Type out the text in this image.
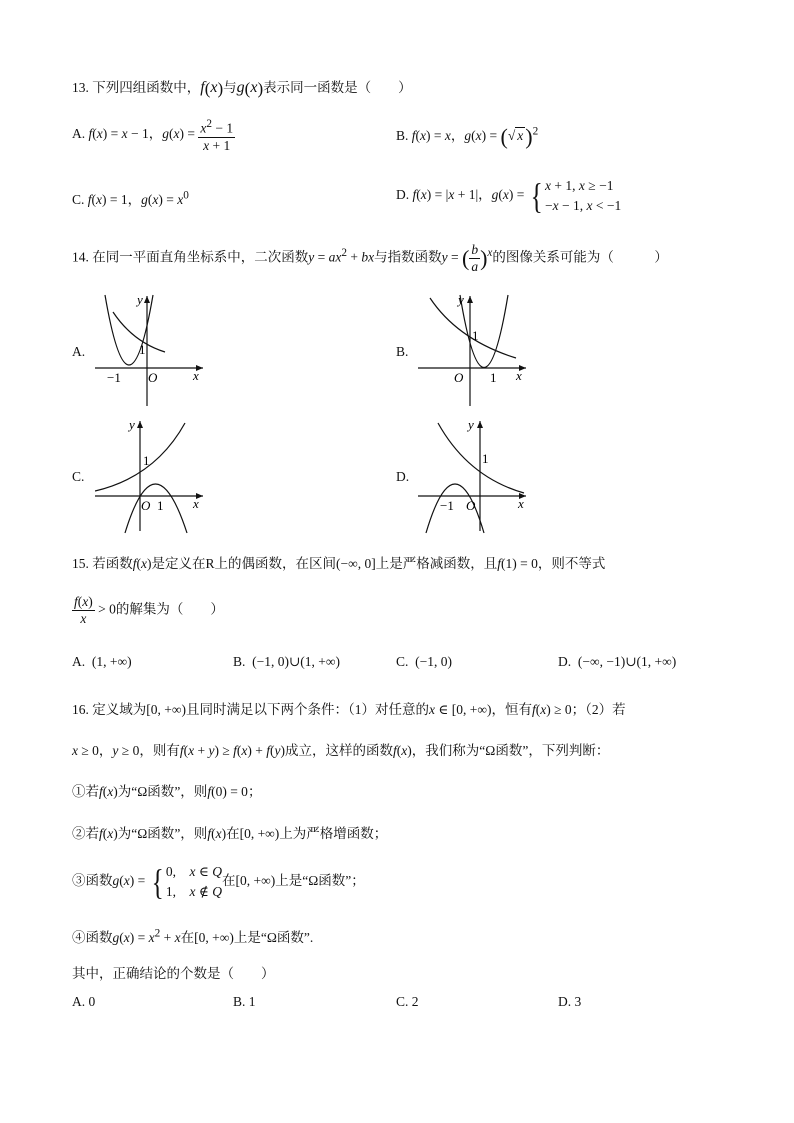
13. 下列四组函数中，f(x)与g(x)表示同一函数是（　　）
A. f(x) = x − 1，$g(x) = \frac{x^2 - 1}{x + 1}$	B. f(x) = x，g(x) = (√ x)$^2$
C. f(x) = 1，$g(x) = x^0$	D. f(x) = |x + 1|，g(x) = { x + 1, x ≥ −1
−x − 1, x < −1
14. 在同一平面直角坐标系中，二次函数$y = ax^2$ + bx与指数函数y = ( $\frac{b}{a} )^x$的图像关系可能为（　　　）
A.
y
1
−1 O	x
B.
y
1
O 1 x
C.
y
1
O 1 x
D.
y
1
−1 O	x
15. 若函数f(x)是定义在R上的偶函数，在区间(−∞, 0]上是严格减函数，且f(1) = 0，则不等式
$\frac{f(x)}{x} > 0$的解集为（　　）
A.  (1, +∞)	B.  (−1, 0)∪(1, +∞)	C.  (−1, 0)	D.  (−∞, −1)∪(1, +∞)
16. 定义域为[0, +∞)且同时满足以下两个条件：（1）对任意的x ∈ [0, +∞)，恒有f(x) ≥ 0；（2）若
x ≥ 0，y ≥ 0，则有f(x + y) ≥ f(x) + f(y)成立，这样的函数f(x)，我们称为“Ω函数”，下列判断：
①若f(x)为“Ω函数”，则f(0) = 0；
②若f(x)为“Ω函数”，则f(x)在[0, +∞)上为严格增函数；
③函数g(x) = { 0,    x ∈ Q
1,    x ∉ Q
在[0, +∞)上是“Ω函数”；
④函数$g(x) = x^2 + x$在[0, +∞)上是“Ω函数”.
其中，正确结论的个数是（　　）
A. 0	B. 1	C. 2	D. 3
